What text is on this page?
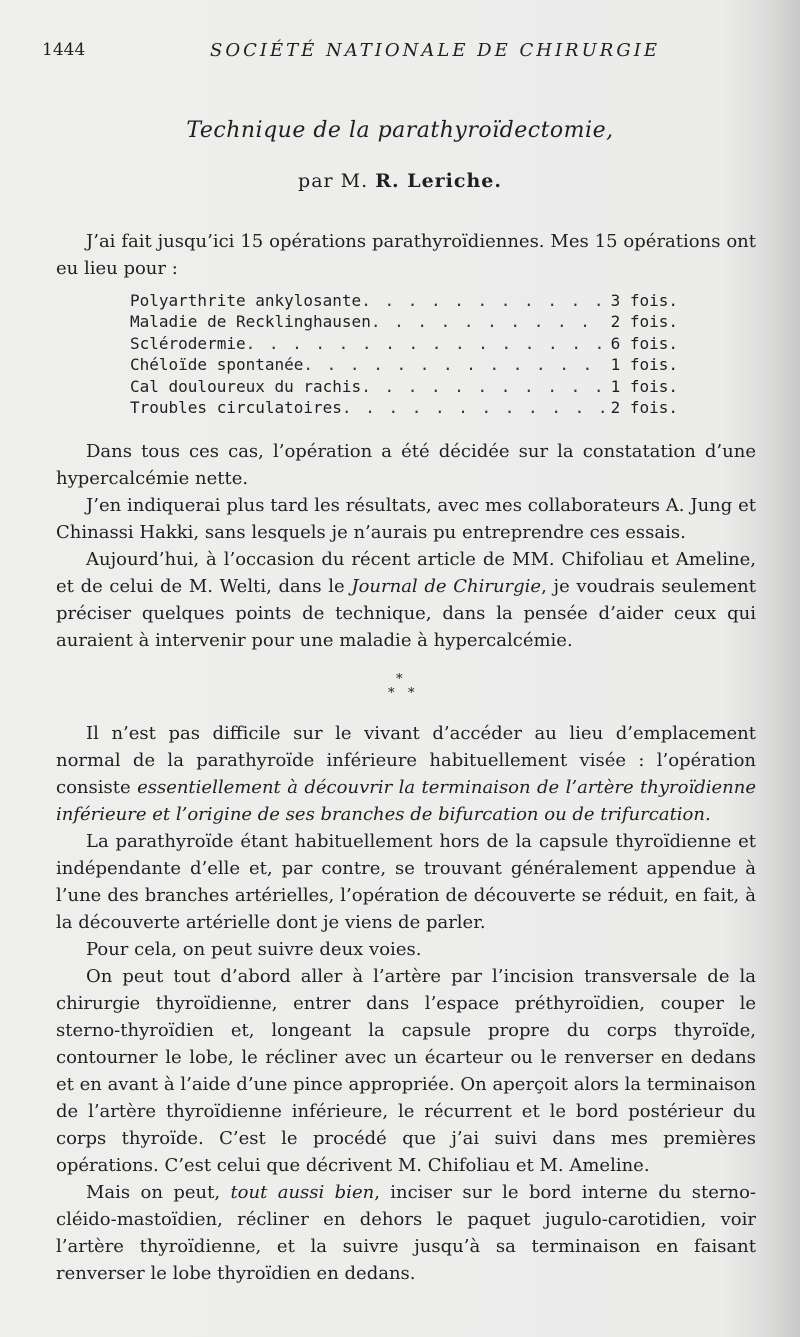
1444	SOCIÉTÉ NATIONALE DE CHIRURGIE
Technique de la parathyroïdectomie,
par M. R. Leriche.

J’ai fait jusqu’ici 15 opérations parathyroïdiennes. Mes 15 opérations ont eu lieu pour :

Polyarthrite ankylosante . . .	3 fois.
Maladie de Recklinghausen . . .	2 fois.
Sclérodermie . . .	6 fois.
Chéloïde spontanée . . .	1 fois.
Cal douloureux du rachis . . .	1 fois.
Troubles circulatoires . . .	2 fois.

Dans tous ces cas, l’opération a été décidée sur la constatation d’une hypercalcémie nette.

J’en indiquerai plus tard les résultats, avec mes collaborateurs A. Jung et Chinassi Hakki, sans lesquels je n’aurais pu entreprendre ces essais.

Aujourd’hui, à l’occasion du récent article de MM. Chifoliau et Ameline, et de celui de M. Welti, dans le Journal de Chirurgie, je voudrais seulement préciser quelques points de technique, dans la pensée d’aider ceux qui auraient à intervenir pour une maladie à hypercalcémie.

*
* *

Il n’est pas difficile sur le vivant d’accéder au lieu d’emplacement normal de la parathyroïde inférieure habituellement visée : l’opération consiste essentiellement à découvrir la terminaison de l’artère thyroïdienne inférieure et l’origine de ses branches de bifurcation ou de trifurcation.

La parathyroïde étant habituellement hors de la capsule thyroïdienne et indépendante d’elle et, par contre, se trouvant généralement appendue à l’une des branches artérielles, l’opération de découverte se réduit, en fait, à la découverte artérielle dont je viens de parler.

Pour cela, on peut suivre deux voies.

On peut tout d’abord aller à l’artère par l’incision transversale de la chirurgie thyroïdienne, entrer dans l’espace préthyroïdien, couper le sterno-thyroïdien et, longeant la capsule propre du corps thyroïde, contourner le lobe, le récliner avec un écarteur ou le renverser en dedans et en avant à l’aide d’une pince appropriée. On aperçoit alors la terminaison de l’artère thyroïdienne inférieure, le récurrent et le bord postérieur du corps thyroïde. C’est le procédé que j’ai suivi dans mes premières opérations. C’est celui que décrivent M. Chifoliau et M. Ameline.

Mais on peut, tout aussi bien, inciser sur le bord interne du sterno-cléido-mastoïdien, récliner en dehors le paquet jugulo-carotidien, voir l’artère thyroïdienne, et la suivre jusqu’à sa terminaison en faisant renverser le lobe thyroïdien en dedans.
